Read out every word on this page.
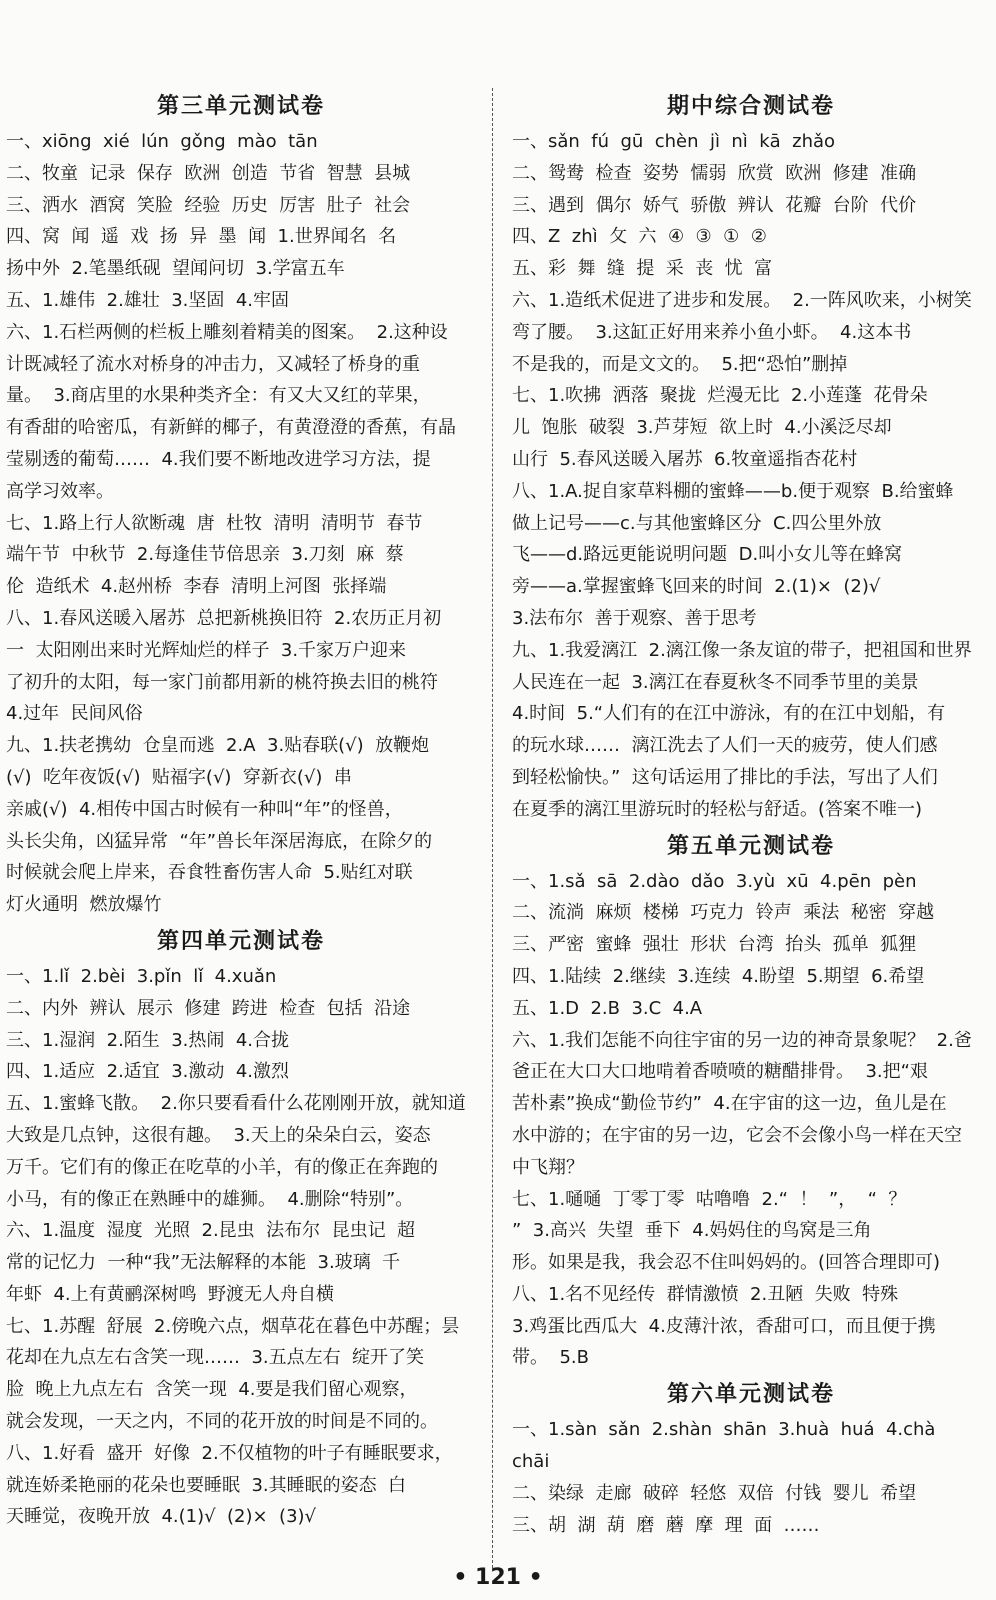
第三单元测试卷
一、xiōng  xié  lún  gǒng  mào  tān
二、牧童  记录  保存  欧洲  创造  节省  智慧  县城
三、洒水  酒窝  笑脸  经验  历史  厉害  肚子  社会
四、窝  闻  遥  戏  扬  异  墨  闻  1.世界闻名  名
扬中外  2.笔墨纸砚  望闻问切  3.学富五车
五、1.雄伟  2.雄壮  3.坚固  4.牢固
六、1.石栏两侧的栏板上雕刻着精美的图案。  2.这种设
计既减轻了流水对桥身的冲击力，又减轻了桥身的重
量。  3.商店里的水果种类齐全：有又大又红的苹果，
有香甜的哈密瓜，有新鲜的椰子，有黄澄澄的香蕉，有晶
莹剔透的葡萄……  4.我们要不断地改进学习方法，提
高学习效率。
七、1.路上行人欲断魂  唐  杜牧  清明  清明节  春节
端午节  中秋节  2.每逢佳节倍思亲  3.刀刻  麻  蔡
伦  造纸术  4.赵州桥  李春  清明上河图  张择端
八、1.春风送暖入屠苏  总把新桃换旧符  2.农历正月初
一  太阳刚出来时光辉灿烂的样子  3.千家万户迎来
了初升的太阳，每一家门前都用新的桃符换去旧的桃符
4.过年  民间风俗
九、1.扶老携幼  仓皇而逃  2.A  3.贴春联(√)  放鞭炮
(√)  吃年夜饭(√)  贴福字(√)  穿新衣(√)  串
亲戚(√)  4.相传中国古时候有一种叫“年”的怪兽，
头长尖角，凶猛异常  “年”兽长年深居海底，在除夕的
时候就会爬上岸来，吞食牲畜伤害人命  5.贴红对联
灯火通明  燃放爆竹
第四单元测试卷
一、1.lǐ  2.bèi  3.pǐn  lǐ  4.xuǎn
二、内外  辨认  展示  修建  跨进  检查  包括  沿途
三、1.湿润  2.陌生  3.热闹  4.合拢
四、1.适应  2.适宜  3.激动  4.激烈
五、1.蜜蜂飞散。  2.你只要看看什么花刚刚开放，就知道
大致是几点钟，这很有趣。  3.天上的朵朵白云，姿态
万千。它们有的像正在吃草的小羊，有的像正在奔跑的
小马，有的像正在熟睡中的雄狮。  4.删除“特别”。
六、1.温度  湿度  光照  2.昆虫  法布尔  昆虫记  超
常的记忆力  一种“我”无法解释的本能  3.玻璃  千
年虾  4.上有黄鹂深树鸣  野渡无人舟自横
七、1.苏醒  舒展  2.傍晚六点，烟草花在暮色中苏醒；昙
花却在九点左右含笑一现……  3.五点左右  绽开了笑
脸  晚上九点左右  含笑一现  4.要是我们留心观察，
就会发现，一天之内，不同的花开放的时间是不同的。
八、1.好看  盛开  好像  2.不仅植物的叶子有睡眠要求，
就连娇柔艳丽的花朵也要睡眠  3.其睡眠的姿态  白
天睡觉，夜晚开放  4.(1)√  (2)×  (3)√
期中综合测试卷
一、sǎn  fú  gū  chèn  jì  nì  kā  zhǎo
二、鸳鸯  检查  姿势  懦弱  欣赏  欧洲  修建  准确
三、遇到  偶尔  娇气  骄傲  辨认  花瓣  台阶  代价
四、Z  zhì  攵  六  ④  ③  ①  ②
五、彩  舞  缝  提  采  丧  忧  富
六、1.造纸术促进了进步和发展。  2.一阵风吹来，小树笑
弯了腰。  3.这缸正好用来养小鱼小虾。  4.这本书
不是我的，而是文文的。  5.把“恐怕”删掉
七、1.吹拂  洒落  聚拢  烂漫无比  2.小莲蓬  花骨朵
儿  饱胀  破裂  3.芦芽短  欲上时  4.小溪泛尽却
山行  5.春风送暖入屠苏  6.牧童遥指杏花村
八、1.A.捉自家草料棚的蜜蜂——b.便于观察  B.给蜜蜂
做上记号——c.与其他蜜蜂区分  C.四公里外放
飞——d.路远更能说明问题  D.叫小女儿等在蜂窝
旁——a.掌握蜜蜂飞回来的时间  2.(1)×  (2)√
3.法布尔  善于观察、善于思考
九、1.我爱漓江  2.漓江像一条友谊的带子，把祖国和世界
人民连在一起  3.漓江在春夏秋冬不同季节里的美景
4.时间  5.“人们有的在江中游泳，有的在江中划船，有
的玩水球……  漓江洗去了人们一天的疲劳，使人们感
到轻松愉快。”  这句话运用了排比的手法，写出了人们
在夏季的漓江里游玩时的轻松与舒适。(答案不唯一)
第五单元测试卷
一、1.sǎ  sā  2.dào  dǎo  3.yù  xū  4.pēn  pèn
二、流淌  麻烦  楼梯  巧克力  铃声  乘法  秘密  穿越
三、严密  蜜蜂  强壮  形状  台湾  抬头  孤单  狐狸
四、1.陆续  2.继续  3.连续  4.盼望  5.期望  6.希望
五、1.D  2.B  3.C  4.A
六、1.我们怎能不向往宇宙的另一边的神奇景象呢？  2.爸
爸正在大口大口地啃着香喷喷的糖醋排骨。  3.把“艰
苦朴素”换成“勤俭节约”  4.在宇宙的这一边，鱼儿是在
水中游的；在宇宙的另一边，它会不会像小鸟一样在天空
中飞翔？
七、1.嗵嗵  丁零丁零  咕噜噜  2.“  ！  ”，  “  ？
”  3.高兴  失望  垂下  4.妈妈住的鸟窝是三角
形。如果是我，我会忍不住叫妈妈的。(回答合理即可)
八、1.名不见经传  群情激愤  2.丑陋  失败  特殊
3.鸡蛋比西瓜大  4.皮薄汁浓，香甜可口，而且便于携
带。  5.B
第六单元测试卷
一、1.sàn  sǎn  2.shàn  shān  3.huà  huá  4.chà
chāi
二、染绿  走廊  破碎  轻悠  双倍  付钱  婴儿  希望
三、胡  湖  葫  磨  蘑  摩  理  面  ……
• 121 •
